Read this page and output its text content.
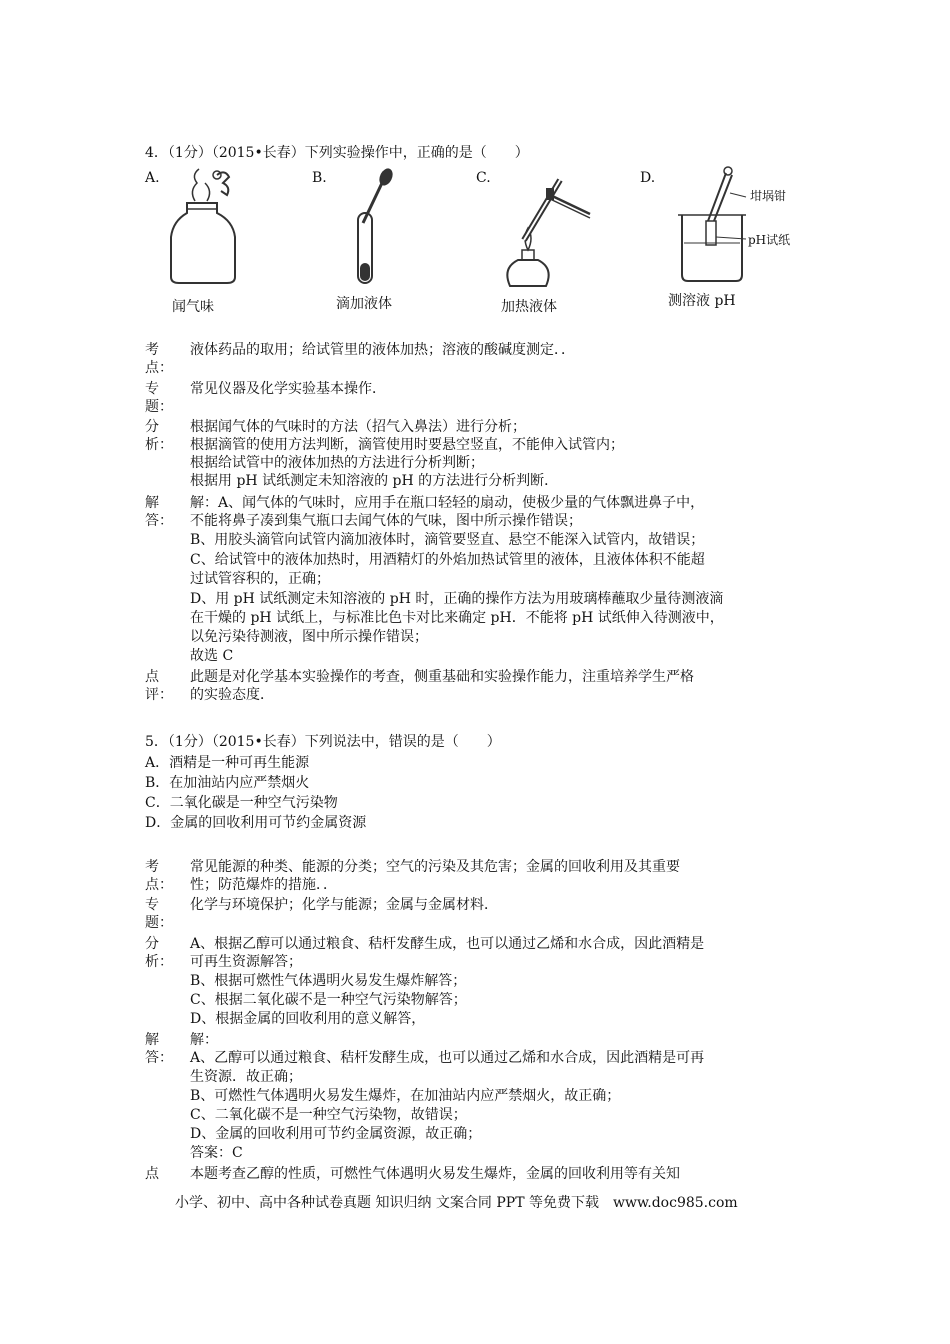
4．（1分）（2015•长春）下列实验操作中，正确的是（　　）
A.	B.	C.	D.
闻气味	滴加液体	加热液体
坩埚钳
pH试纸
测溶液 pH
考
点：
液体药品的取用；给试管里的液体加热；溶液的酸碱度测定．．
专
题：
常见仪器及化学实验基本操作．
分
析：
根据闻气体的气味时的方法（招气入鼻法）进行分析；
根据滴管的使用方法判断，滴管使用时要悬空竖直，不能伸入试管内；
根据给试管中的液体加热的方法进行分析判断；
根据用 pH 试纸测定未知溶液的 pH 的方法进行分析判断．
解
答：
解：A、闻气体的气味时，应用手在瓶口轻轻的扇动，使极少量的气体飘进鼻子中，
不能将鼻子凑到集气瓶口去闻气体的气味，图中所示操作错误；
B、用胶头滴管向试管内滴加液体时，滴管要竖直、悬空不能深入试管内，故错误；
C、给试管中的液体加热时，用酒精灯的外焰加热试管里的液体，且液体体积不能超
过试管容积的，正确；
D、用 pH 试纸测定未知溶液的 pH 时，正确的操作方法为用玻璃棒蘸取少量待测液滴
在干燥的 pH 试纸上，与标准比色卡对比来确定 pH．不能将 pH 试纸伸入待测液中，
以免污染待测液，图中所示操作错误；
故选 C
点
评：
此题是对化学基本实验操作的考查，侧重基础和实验操作能力，注重培养学生严格
的实验态度．
5．（1分）（2015•长春）下列说法中，错误的是（　　）
A．酒精是一种可再生能源
B．在加油站内应严禁烟火
C．二氧化碳是一种空气污染物
D．金属的回收利用可节约金属资源
考
点：
常见能源的种类、能源的分类；空气的污染及其危害；金属的回收利用及其重要
性；防范爆炸的措施．．
专
题：
化学与环境保护；化学与能源；金属与金属材料．
分
析：
A、根据乙醇可以通过粮食、秸杆发酵生成，也可以通过乙烯和水合成，因此酒精是
可再生资源解答；
B、根据可燃性气体遇明火易发生爆炸解答；
C、根据二氧化碳不是一种空气污染物解答；
D、根据金属的回收利用的意义解答，
解
答：
解：
A、乙醇可以通过粮食、秸杆发酵生成，也可以通过乙烯和水合成，因此酒精是可再
生资源．故正确；
B、可燃性气体遇明火易发生爆炸，在加油站内应严禁烟火，故正确；
C、二氧化碳不是一种空气污染物，故错误；
D、金属的回收利用可节约金属资源，故正确；
答案：C
点	本题考查乙醇的性质，可燃性气体遇明火易发生爆炸，金属的回收利用等有关知
小学、初中、高中各种试卷真题 知识归纳 文案合同 PPT 等免费下载　www.doc985.com
